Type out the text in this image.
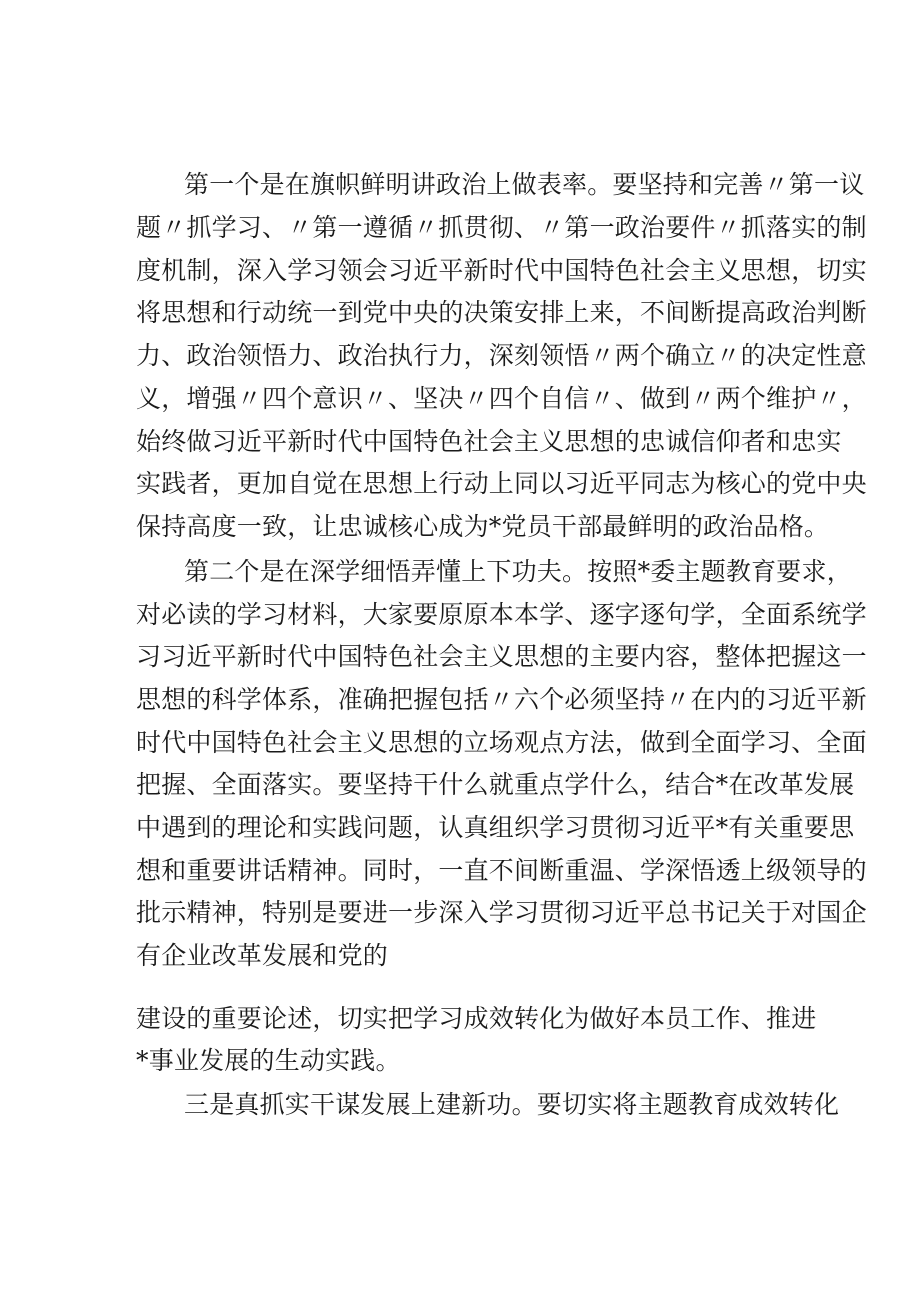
第一个是在旗帜鲜明讲政治上做表率。要坚持和完善〃第一议
题〃抓学习、〃第一遵循〃抓贯彻、〃第一政治要件〃抓落实的制
度机制，深入学习领会习近平新时代中国特色社会主义思想，切实
将思想和行动统一到党中央的决策安排上来，不间断提高政治判断
力、政治领悟力、政治执行力，深刻领悟〃两个确立〃的决定性意
义，增强〃四个意识〃、坚决〃四个自信〃、做到〃两个维护〃，
始终做习近平新时代中国特色社会主义思想的忠诚信仰者和忠实
实践者，更加自觉在思想上行动上同以习近平同志为核心的党中央
保持高度一致，让忠诚核心成为*党员干部最鲜明的政治品格。
第二个是在深学细悟弄懂上下功夫。按照*委主题教育要求，
对必读的学习材料，大家要原原本本学、逐字逐句学，全面系统学
习习近平新时代中国特色社会主义思想的主要内容，整体把握这一
思想的科学体系，准确把握包括〃六个必须坚持〃在内的习近平新
时代中国特色社会主义思想的立场观点方法，做到全面学习、全面
把握、全面落实。要坚持干什么就重点学什么，结合*在改革发展
中遇到的理论和实践问题，认真组织学习贯彻习近平*有关重要思
想和重要讲话精神。同时，一直不间断重温、学深悟透上级领导的
批示精神，特别是要进一步深入学习贯彻习近平总书记关于对国企
有企业改革发展和党的
建设的重要论述，切实把学习成效转化为做好本员工作、推进
*事业发展的生动实践。
三是真抓实干谋发展上建新功。要切实将主题教育成效转化
